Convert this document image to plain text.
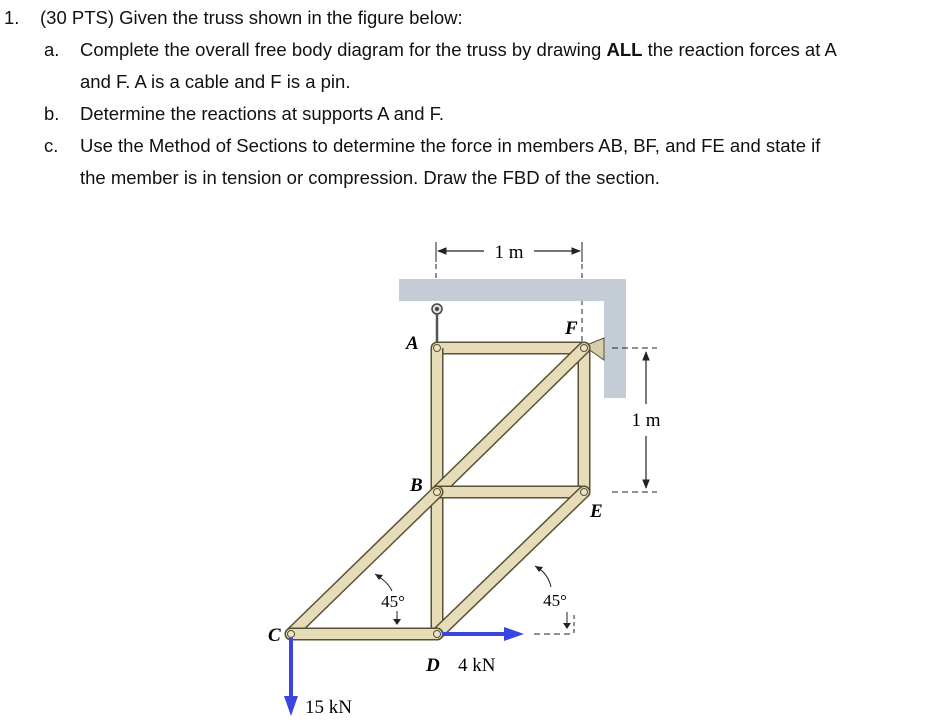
1. (30 PTS) Given the truss shown in the figure below:
a. Complete the overall free body diagram for the truss by drawing ALL the reaction forces at A
and F. A is a cable and F is a pin.
b. Determine the reactions at supports A and F.
c. Use the Method of Sections to determine the force in members AB, BF, and FE and state if
the member is in tension or compression. Draw the FBD of the section.
1 m
A
F
B
E
C
D
1 m
45°	45°
4 kN
15 kN
